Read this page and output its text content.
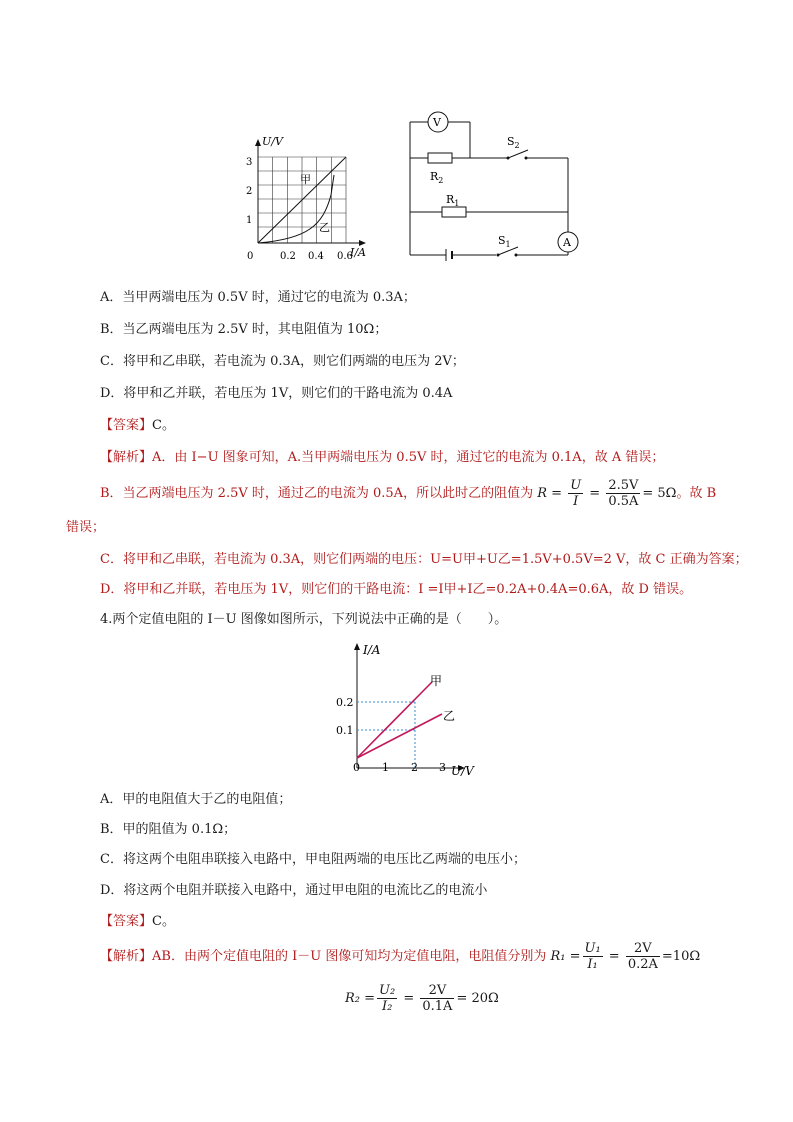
U/V
I/A
3
2
1
0	0.2 0.4 0.6
甲
乙
V
A
$R_2$
$R_1$
$S_2$
$S_1$
A．当甲两端电压为 0.5V 时，通过它的电流为 0.3A；
B．当乙两端电压为 2.5V 时，其电阻值为 10Ω；
C．将甲和乙串联，若电流为 0.3A，则它们两端的电压为 2V；
D．将甲和乙并联，若电压为 1V，则它们的干路电流为 0.4A
【答案】C。
【解析】A．由 I−U 图象可知，A.当甲两端电压为 0.5V 时，通过它的电流为 0.1A，故 A 错误；
B．当乙两端电压为 2.5V 时，通过乙的电流为 0.5A，所以此时乙的阻值为 $R = \frac{U}{I} = \frac{2.5V}{0.5A} = 5\Omega$。故 B
错误；
C．将甲和乙串联，若电流为 0.3A，则它们两端的电压：U=U甲+U乙=1.5V+0.5V=2 V，故 C 正确为答案；
D．将甲和乙并联，若电压为 1V，则它们的干路电流：I =I甲+I乙=0.2A+0.4A=0.6A，故 D 错误。
4.两个定值电阻的 I－U 图像如图所示，下列说法中正确的是（　　）。
I/A
U/V
0.2
0.1
0 1 2 3
甲
乙
A．甲的电阻值大于乙的电阻值；
B．甲的阻值为 0.1Ω；
C．将这两个电阻串联接入电路中，甲电阻两端的电压比乙两端的电压小；
D．将这两个电阻并联接入电路中，通过甲电阻的电流比乙的电流小
【答案】C。
【解析】AB．由两个定值电阻的 I－U 图像可知均为定值电阻，电阻值分别为 $R_1 = \frac{\text{U₁}}{\text{I₁}} = \frac{2V}{0.2A} =10\Omega$
$R_2 = \frac{\text{U₂}}{\text{I₂}} = \frac{2V}{0.1A} = 20\Omega$
